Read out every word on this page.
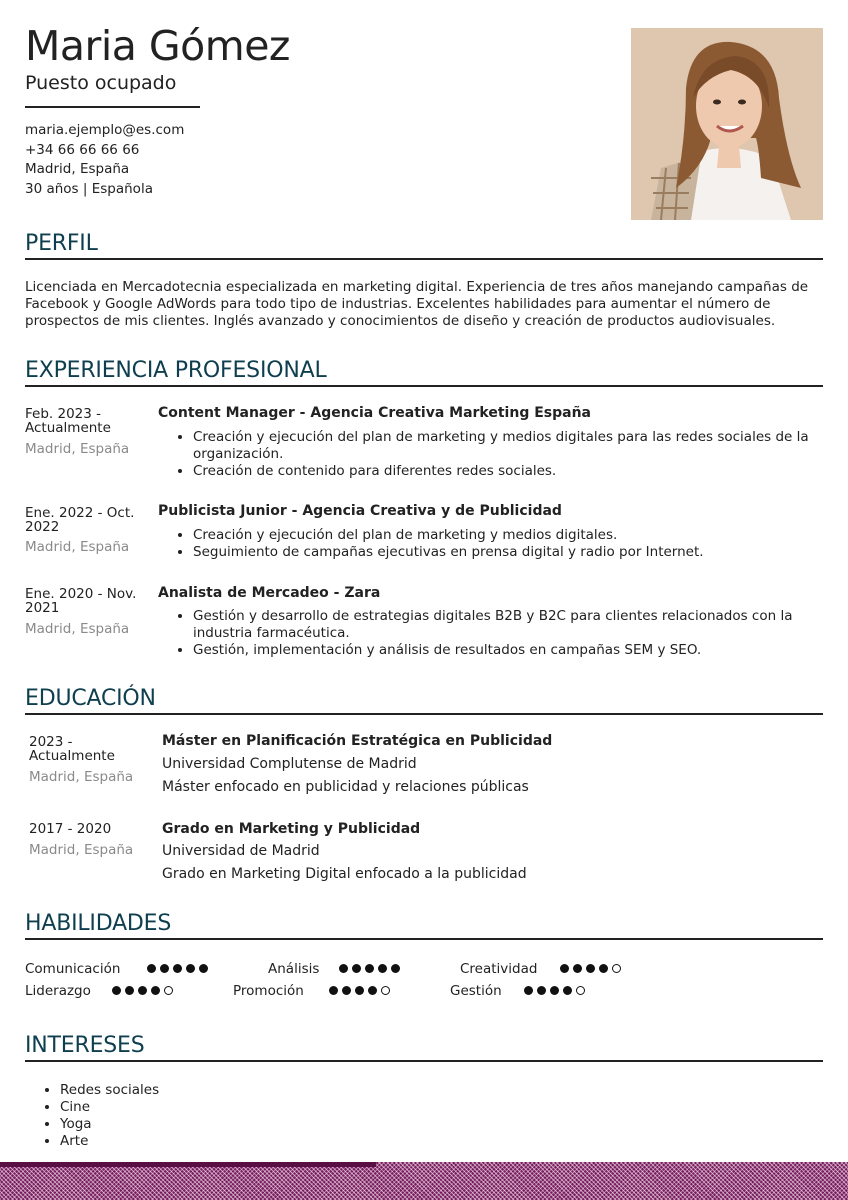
Maria Gómez
Puesto ocupado
maria.ejemplo@es.com
+34 66 66 66 66
Madrid, España
30 años | Española
PERFIL
Licenciada en Mercadotecnia especializada en marketing digital. Experiencia de tres años manejando campañas de Facebook y Google AdWords para todo tipo de industrias. Excelentes habilidades para aumentar el número de prospectos de mis clientes. Inglés avanzado y conocimientos de diseño y creación de productos audiovisuales.
EXPERIENCIA PROFESIONAL
Feb. 2023 - Actualmente
Madrid, España
Content Manager - Agencia Creativa Marketing España
• Creación y ejecución del plan de marketing y medios digitales para las redes sociales de la organización.
• Creación de contenido para diferentes redes sociales.
Ene. 2022 - Oct. 2022
Madrid, España
Publicista Junior - Agencia Creativa y de Publicidad
• Creación y ejecución del plan de marketing y medios digitales.
• Seguimiento de campañas ejecutivas en prensa digital y radio por Internet.
Ene. 2020 - Nov. 2021
Madrid, España
Analista de Mercadeo - Zara
• Gestión y desarrollo de estrategias digitales B2B y B2C para clientes relacionados con la industria farmacéutica.
• Gestión, implementación y análisis de resultados en campañas SEM y SEO.
EDUCACIÓN
2023 - Actualmente
Madrid, España
Máster en Planificación Estratégica en Publicidad
Universidad Complutense de Madrid
Máster enfocado en publicidad y relaciones públicas
2017 - 2020
Madrid, España
Grado en Marketing y Publicidad
Universidad de Madrid
Grado en Marketing Digital enfocado a la publicidad
HABILIDADES
Comunicación	Análisis	Creatividad
Liderazgo	Promoción	Gestión
INTERESES
• Redes sociales
• Cine
• Yoga
• Arte
